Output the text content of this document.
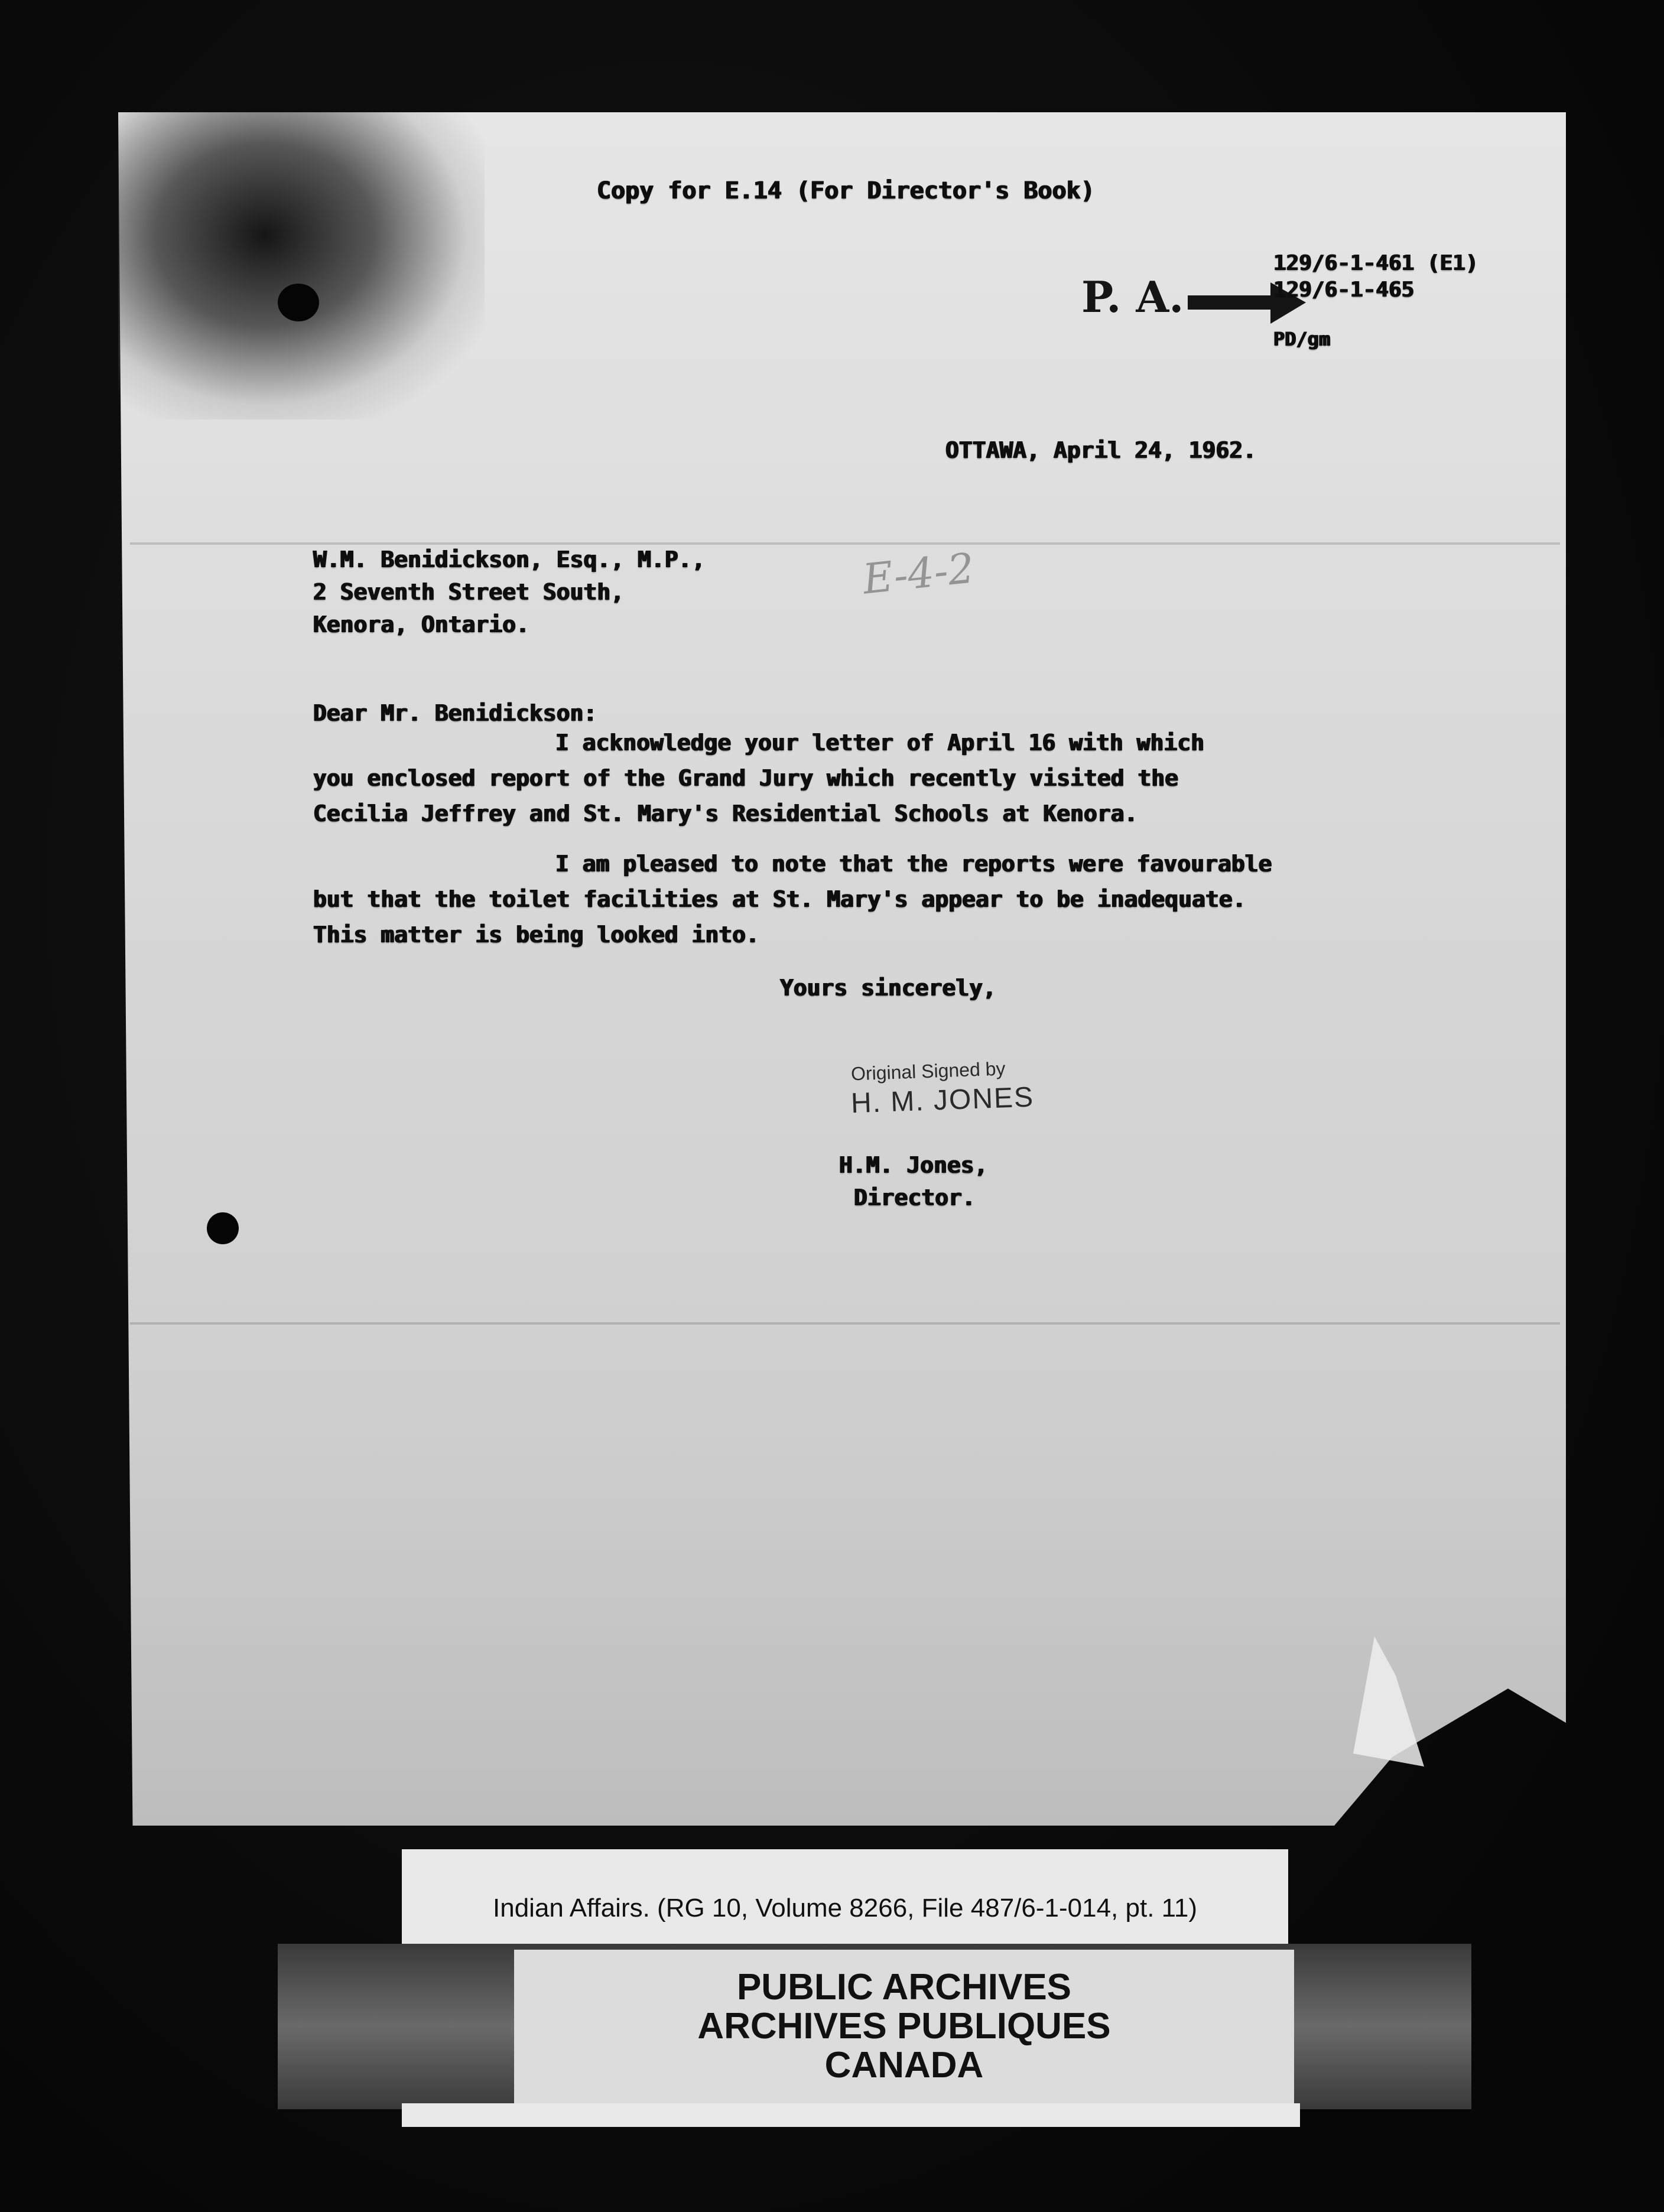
Copy for E.14 (For Director's Book)
P. A.
129/6-1-461 (E1)
129/6-1-465
PD/gm
OTTAWA, April 24, 1962.
E-4-2
W.M. Benidickson, Esq., M.P.,
2 Seventh Street South,
Kenora, Ontario.
Dear Mr. Benidickson:
I acknowledge your letter of April 16 with which
you enclosed report of the Grand Jury which recently visited the
Cecilia Jeffrey and St. Mary's Residential Schools at Kenora.
I am pleased to note that the reports were favourable
but that the toilet facilities at St. Mary's appear to be inadequate.
This matter is being looked into.
Yours sincerely,
Original Signed by
H. M. JONES
H.M. Jones,
Director.
Indian Affairs. (RG 10, Volume 8266, File 487/6-1-014, pt. 11)
PUBLIC ARCHIVES
ARCHIVES PUBLIQUES
CANADA
